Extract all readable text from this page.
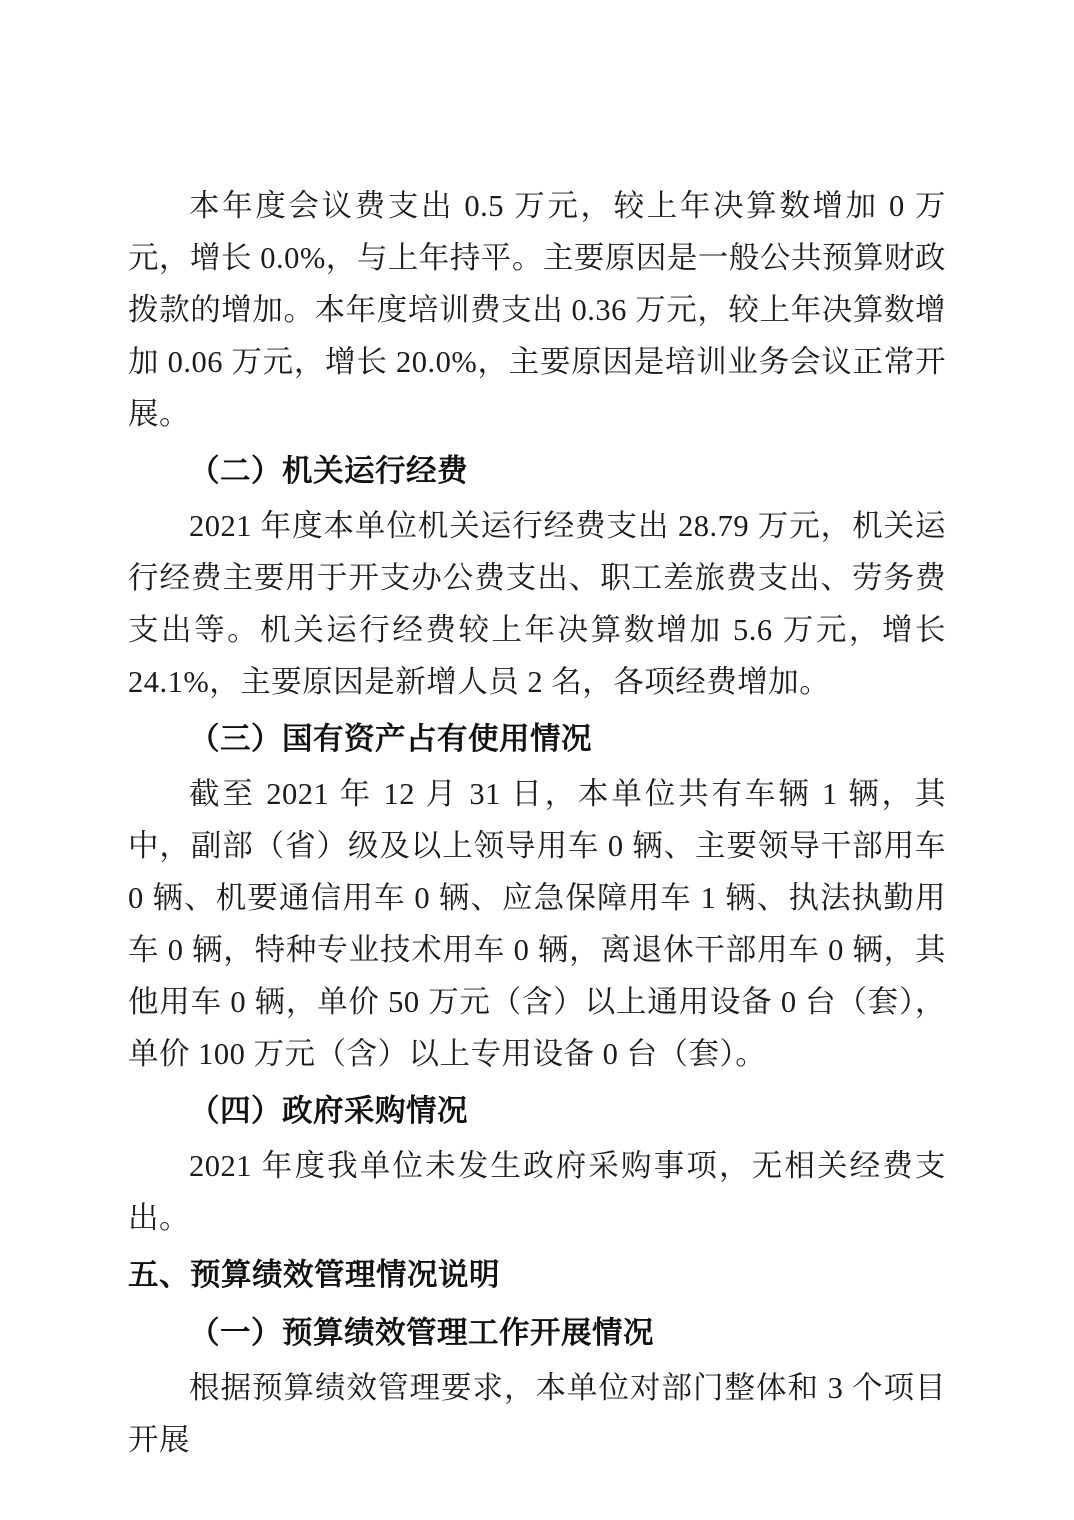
本年度会议费支出 0.5 万元，较上年决算数增加 0 万元，增长 0.0%，与上年持平。主要原因是一般公共预算财政拨款的增加。本年度培训费支出 0.36 万元，较上年决算数增加 0.06 万元，增长 20.0%，主要原因是培训业务会议正常开展。

（二）机关运行经费

2021 年度本单位机关运行经费支出 28.79 万元，机关运行经费主要用于开支办公费支出、职工差旅费支出、劳务费支出等。机关运行经费较上年决算数增加 5.6 万元，增长 24.1%，主要原因是新增人员 2 名，各项经费增加。

（三）国有资产占有使用情况

截至 2021 年 12 月 31 日，本单位共有车辆 1 辆，其中，副部（省）级及以上领导用车 0 辆、主要领导干部用车 0 辆、机要通信用车 0 辆、应急保障用车 1 辆、执法执勤用车 0 辆，特种专业技术用车 0 辆，离退休干部用车 0 辆，其他用车 0 辆，单价 50 万元（含）以上通用设备 0 台（套），单价 100 万元（含）以上专用设备 0 台（套）。

（四）政府采购情况

2021 年度我单位未发生政府采购事项，无相关经费支出。

五、预算绩效管理情况说明
（一）预算绩效管理工作开展情况

根据预算绩效管理要求，本单位对部门整体和 3 个项目开展
